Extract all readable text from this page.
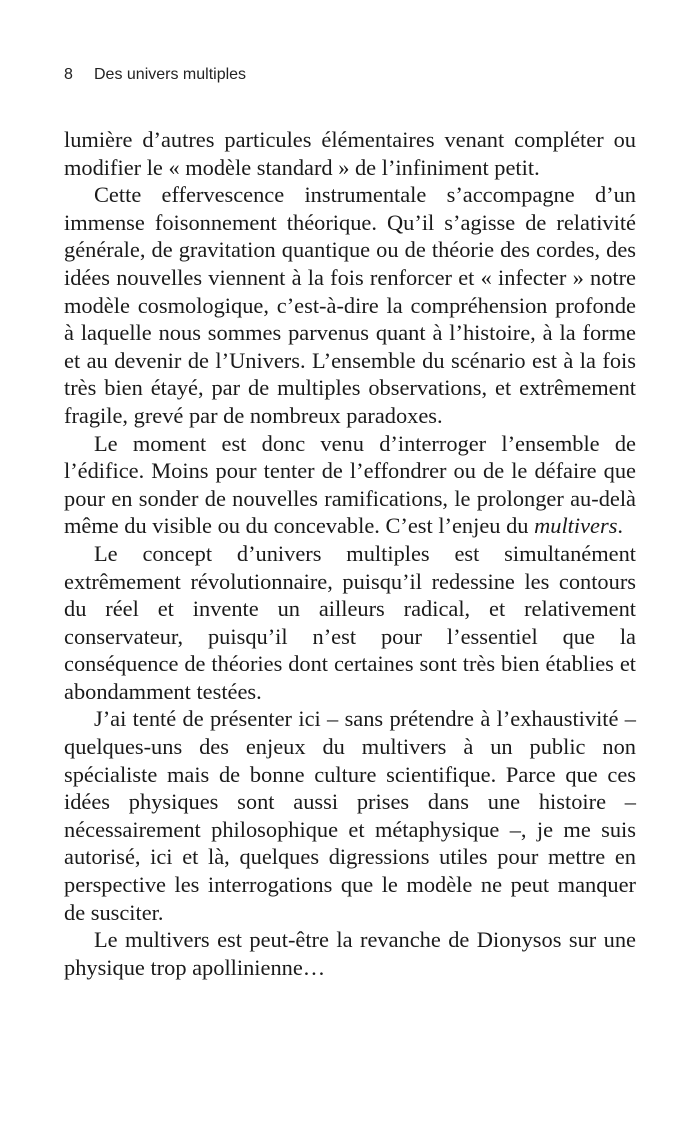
8 Des univers multiples

lumière d’autres particules élémentaires venant compléter ou modifier le « modèle standard » de l’infiniment petit.

Cette effervescence instrumentale s’accompagne d’un immense foisonnement théorique. Qu’il s’agisse de relativité générale, de gravitation quantique ou de théorie des cordes, des idées nouvelles viennent à la fois renforcer et « infecter » notre modèle cosmologique, c’est-à-dire la compréhension profonde à laquelle nous sommes parvenus quant à l’histoire, à la forme et au devenir de l’Univers. L’ensemble du scénario est à la fois très bien étayé, par de multiples observations, et extrêmement fragile, grevé par de nombreux paradoxes.

Le moment est donc venu d’interroger l’ensemble de l’édifice. Moins pour tenter de l’effondrer ou de le défaire que pour en sonder de nouvelles ramifications, le prolonger au-delà même du visible ou du concevable. C’est l’enjeu du multivers.

Le concept d’univers multiples est simultanément extrêmement révolutionnaire, puisqu’il redessine les contours du réel et invente un ailleurs radical, et relativement conservateur, puisqu’il n’est pour l’essentiel que la conséquence de théories dont certaines sont très bien établies et abondamment testées.

J’ai tenté de présenter ici – sans prétendre à l’exhaustivité – quelques-uns des enjeux du multivers à un public non spécialiste mais de bonne culture scientifique. Parce que ces idées physiques sont aussi prises dans une histoire – nécessairement philosophique et métaphysique –, je me suis autorisé, ici et là, quelques digressions utiles pour mettre en perspective les interrogations que le modèle ne peut manquer de susciter.

Le multivers est peut-être la revanche de Dionysos sur une physique trop apollinienne…
